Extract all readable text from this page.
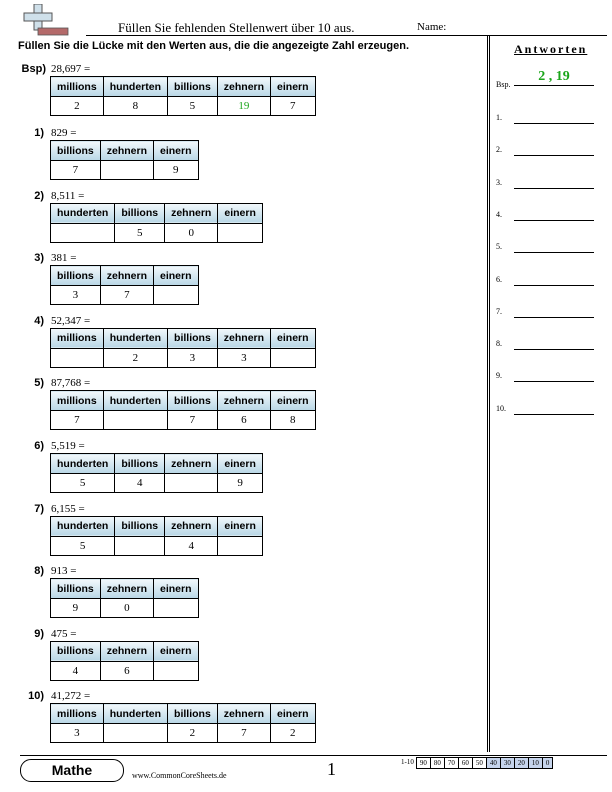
Füllen Sie fehlenden Stellenwert über 10 aus.	Name:
Füllen Sie die Lücke mit den Werten aus, die die angezeigte Zahl erzeugen.	Antworten
Bsp.
2 , 19
1.
2.
3.
4.
5.
6.
7.
8.
9.
10.
Bsp) 28,697 =
millions	hunderten	billions	zehnern	einern
2	8	5	19	7
1) 829 =
billions	zehnern	einern
7		9
2) 8,511 =
hunderten	billions	zehnern	einern
	5	0	
3) 381 =
billions	zehnern	einern
3	7	
4) 52,347 =
millions	hunderten	billions	zehnern	einern
	2	3	3	
5) 87,768 =
millions	hunderten	billions	zehnern	einern
7		7	6	8
6) 5,519 =
hunderten	billions	zehnern	einern
5	4		9
7) 6,155 =
hunderten	billions	zehnern	einern
5		4	
8) 913 =
billions	zehnern	einern
9	0	
9) 475 =
billions	zehnern	einern
4	6	
10) 41,272 =
millions	hunderten	billions	zehnern	einern
3		2	7	2
Mathe	www.CommonCoreSheets.de	1	1-10 90	80	70	60	50	40	30	20	10	0
